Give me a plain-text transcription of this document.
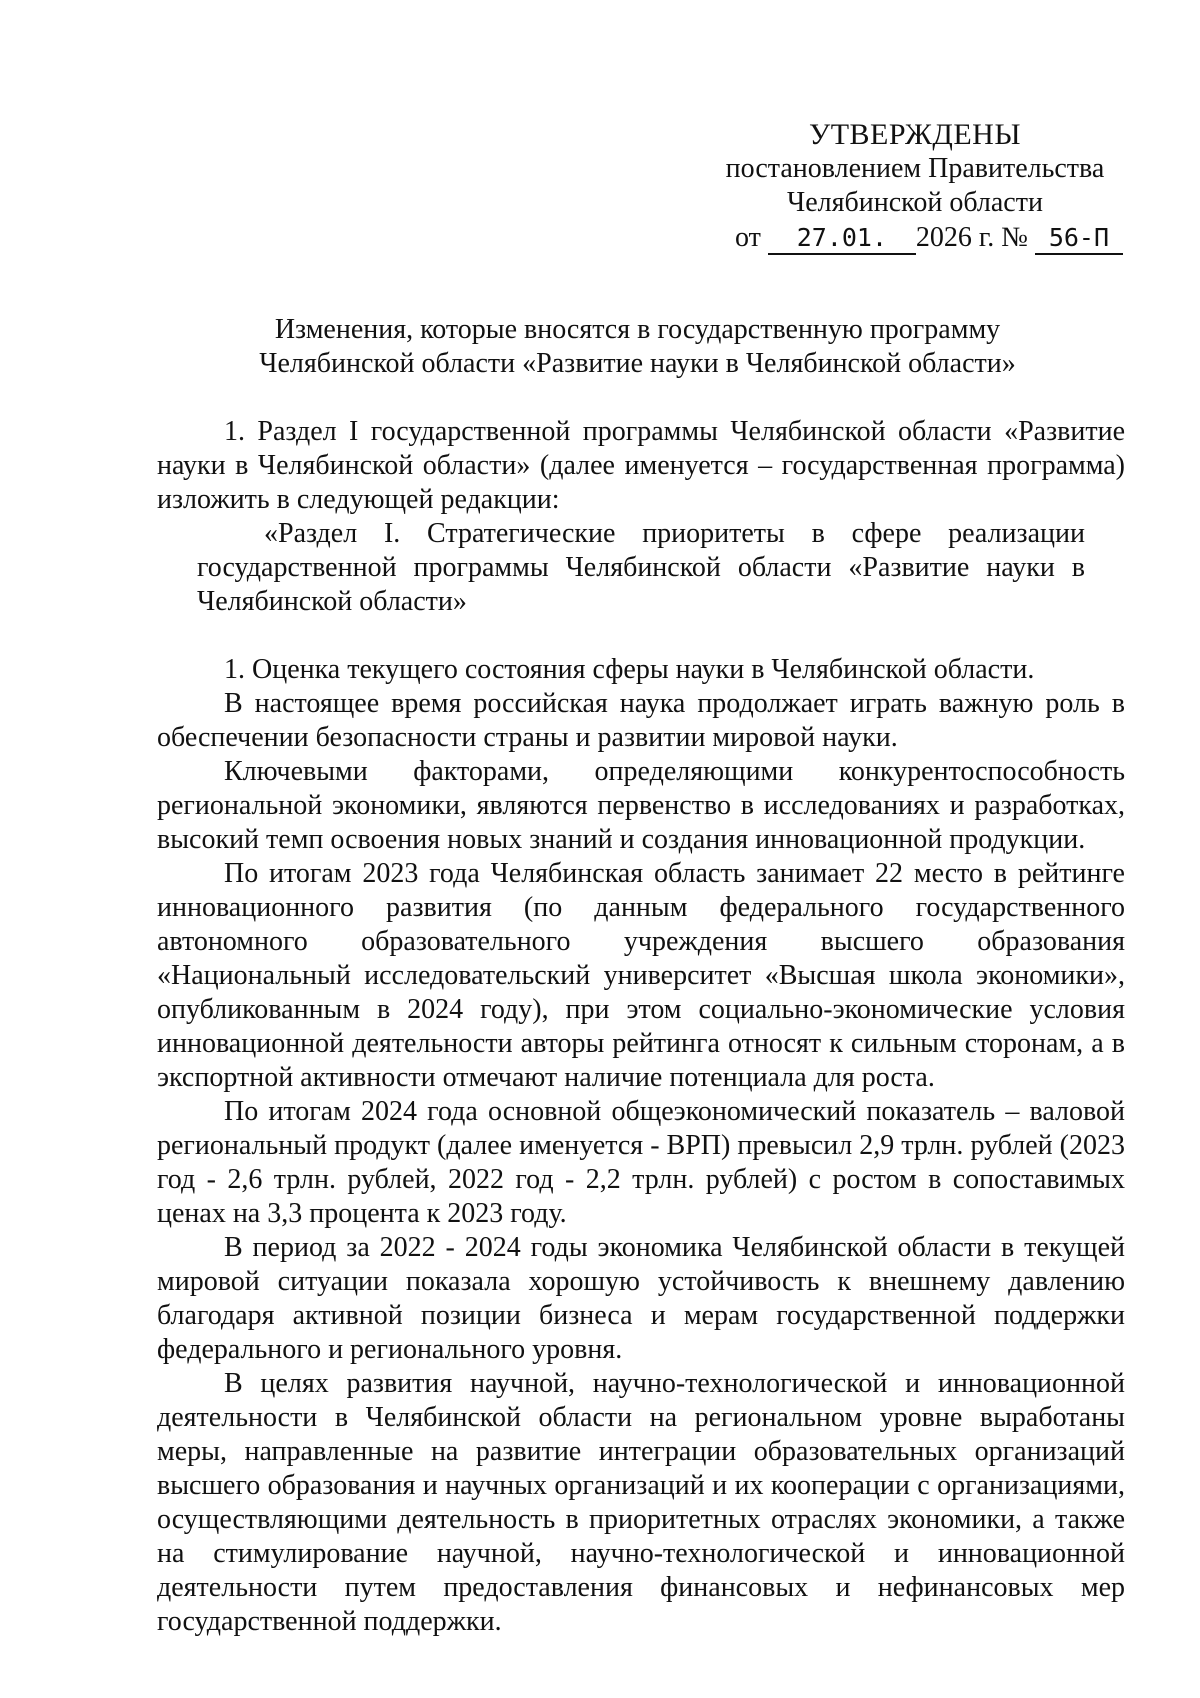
УТВЕРЖДЕНЫ
постановлением Правительства
Челябинской области
от 27.01. 2026 г. № 56-П
Изменения, которые вносятся в государственную программу
Челябинской области «Развитие науки в Челябинской области»

1. Раздел I государственной программы Челябинской области «Развитие науки в Челябинской области» (далее именуется – государственная программа) изложить в следующей редакции:

«Раздел I. Стратегические приоритеты в сфере реализации государственной программы Челябинской области «Развитие науки в Челябинской области»

1. Оценка текущего состояния сферы науки в Челябинской области.

В настоящее время российская наука продолжает играть важную роль в обеспечении безопасности страны и развитии мировой науки.

Ключевыми факторами, определяющими конкурентоспособность региональной экономики, являются первенство в исследованиях и разработках, высокий темп освоения новых знаний и создания инновационной продукции.

По итогам 2023 года Челябинская область занимает 22 место в рейтинге инновационного развития (по данным федерального государственного автономного образовательного учреждения высшего образования «Национальный исследовательский университет «Высшая школа экономики», опубликованным в 2024 году), при этом социально-экономические условия инновационной деятельности авторы рейтинга относят к сильным сторонам, а в экспортной активности отмечают наличие потенциала для роста.

По итогам 2024 года основной общеэкономический показатель – валовой региональный продукт (далее именуется - ВРП) превысил 2,9 трлн. рублей (2023 год - 2,6 трлн. рублей, 2022 год - 2,2 трлн. рублей) с ростом в сопоставимых ценах на 3,3 процента к 2023 году.

В период за 2022 - 2024 годы экономика Челябинской области в текущей мировой ситуации показала хорошую устойчивость к внешнему давлению благодаря активной позиции бизнеса и мерам государственной поддержки федерального и регионального уровня.

В целях развития научной, научно-технологической и инновационной деятельности в Челябинской области на региональном уровне выработаны меры, направленные на развитие интеграции образовательных организаций высшего образования и научных организаций и их кооперации с организациями, осуществляющими деятельность в приоритетных отраслях экономики, а также на стимулирование научной, научно-технологической и инновационной деятельности путем предоставления финансовых и нефинансовых мер государственной поддержки.
